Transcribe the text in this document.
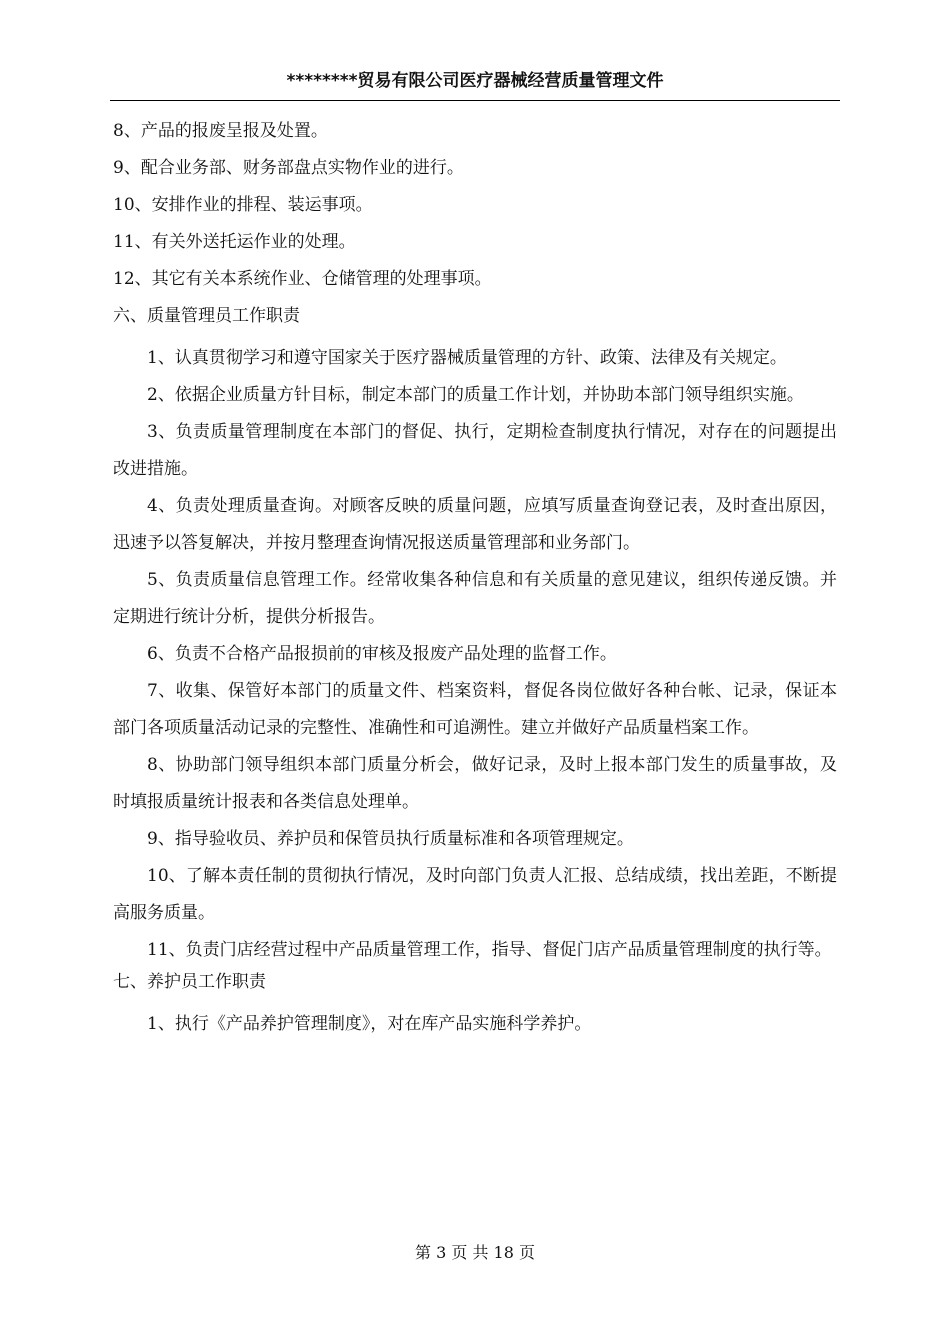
********贸易有限公司医疗器械经营质量管理文件
8、产品的报废呈报及处置。
9、配合业务部、财务部盘点实物作业的进行。
10、安排作业的排程、装运事项。
11、有关外送托运作业的处理。
12、其它有关本系统作业、仓储管理的处理事项。
六、质量管理员工作职责

1、认真贯彻学习和遵守国家关于医疗器械质量管理的方针、政策、法律及有关规定。

2、依据企业质量方针目标，制定本部门的质量工作计划，并协助本部门领导组织实施。

3、负责质量管理制度在本部门的督促、执行，定期检查制度执行情况，对存在的问题提出改进措施。

4、负责处理质量查询。对顾客反映的质量问题，应填写质量查询登记表，及时查出原因，迅速予以答复解决，并按月整理查询情况报送质量管理部和业务部门。

5、负责质量信息管理工作。经常收集各种信息和有关质量的意见建议，组织传递反馈。并定期进行统计分析，提供分析报告。

6、负责不合格产品报损前的审核及报废产品处理的监督工作。

7、收集、保管好本部门的质量文件、档案资料，督促各岗位做好各种台帐、记录，保证本部门各项质量活动记录的完整性、准确性和可追溯性。建立并做好产品质量档案工作。

8、协助部门领导组织本部门质量分析会，做好记录，及时上报本部门发生的质量事故，及时填报质量统计报表和各类信息处理单。

9、指导验收员、养护员和保管员执行质量标准和各项管理规定。

10、了解本责任制的贯彻执行情况，及时向部门负责人汇报、总结成绩，找出差距，不断提高服务质量。

11、负责门店经营过程中产品质量管理工作，指导、督促门店产品质量管理制度的执行等。

七、养护员工作职责

1、执行《产品养护管理制度》，对在库产品实施科学养护。

第 3 页 共 18 页
